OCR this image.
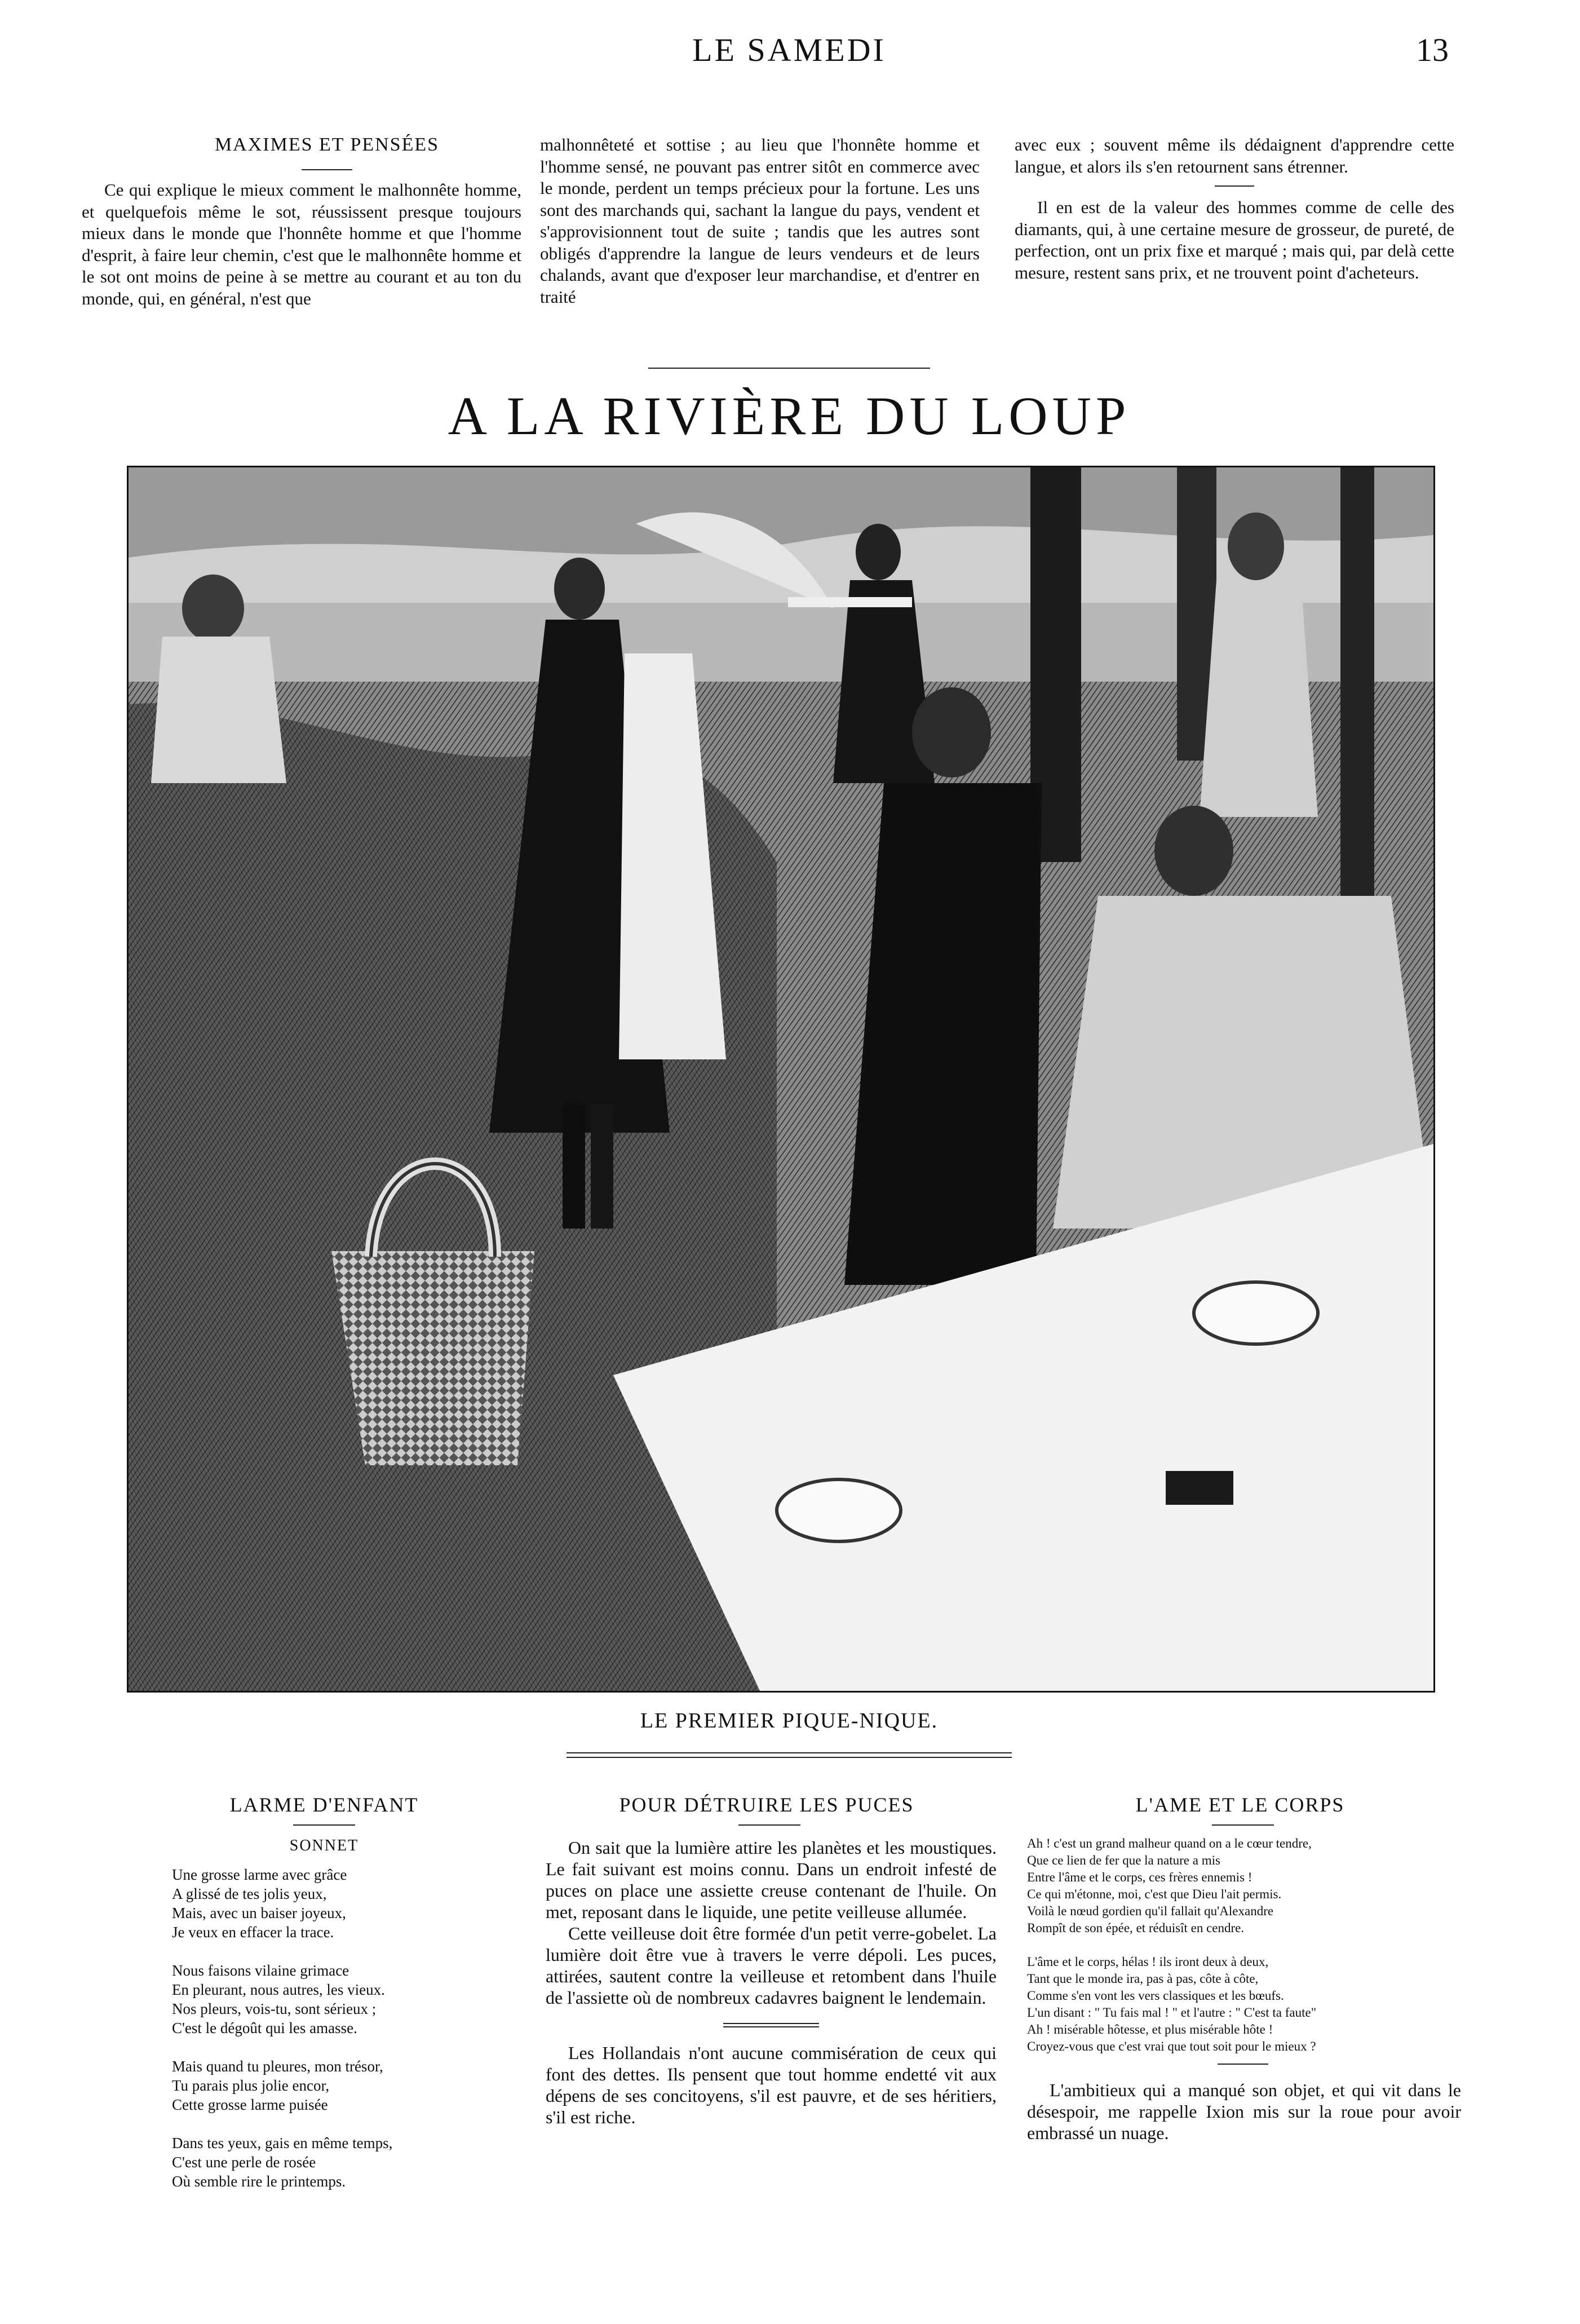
LE SAMEDI	13
MAXIMES ET PENSÉES

Ce qui explique le mieux comment le malhonnête homme, et quelquefois même le sot, réussissent presque toujours mieux dans le monde que l'honnête homme et que l'homme d'esprit, à faire leur chemin, c'est que le malhonnête homme et le sot ont moins de peine à se mettre au courant et au ton du monde, qui, en général, n'est que

malhonnêteté et sottise ; au lieu que l'honnête homme et l'homme sensé, ne pouvant pas entrer sitôt en commerce avec le monde, perdent un temps précieux pour la fortune. Les uns sont des marchands qui, sachant la langue du pays, vendent et s'approvisionnent tout de suite ; tandis que les autres sont obligés d'apprendre la langue de leurs vendeurs et de leurs chalands, avant que d'exposer leur marchandise, et d'entrer en traité

avec eux ; souvent même ils dédaignent d'apprendre cette langue, et alors ils s'en retournent sans étrenner.

Il en est de la valeur des hommes comme de celle des diamants, qui, à une certaine mesure de grosseur, de pureté, de perfection, ont un prix fixe et marqué ; mais qui, par delà cette mesure, restent sans prix, et ne trouvent point d'acheteurs.

A LA RIVIÈRE DU LOUP
LE PREMIER PIQUE-NIQUE.
LARME D'ENFANT
SONNET
Une grosse larme avec grâce
A glissé de tes jolis yeux,
Mais, avec un baiser joyeux,
Je veux en effacer la trace.
Nous faisons vilaine grimace
En pleurant, nous autres, les vieux.
Nos pleurs, vois-tu, sont sérieux ;
C'est le dégoût qui les amasse.
Mais quand tu pleures, mon trésor,
Tu parais plus jolie encor,
Cette grosse larme puisée
Dans tes yeux, gais en même temps,
C'est une perle de rosée
Où semble rire le printemps.
POUR DÉTRUIRE LES PUCES

On sait que la lumière attire les planètes et les moustiques. Le fait suivant est moins connu. Dans un endroit infesté de puces on place une assiette creuse contenant de l'huile. On met, reposant dans le liquide, une petite veilleuse allumée.

Cette veilleuse doit être formée d'un petit verre-gobelet. La lumière doit être vue à travers le verre dépoli. Les puces, attirées, sautent contre la veilleuse et retombent dans l'huile de l'assiette où de nombreux cadavres baignent le lendemain.

Les Hollandais n'ont aucune commisération de ceux qui font des dettes. Ils pensent que tout homme endetté vit aux dépens de ses concitoyens, s'il est pauvre, et de ses héritiers, s'il est riche.

L'AME ET LE CORPS
Ah ! c'est un grand malheur quand on a le cœur tendre,
Que ce lien de fer que la nature a mis
Entre l'âme et le corps, ces frères ennemis !
Ce qui m'étonne, moi, c'est que Dieu l'ait permis.
Voilà le nœud gordien qu'il fallait qu'Alexandre
Rompît de son épée, et réduisît en cendre.
L'âme et le corps, hélas ! ils iront deux à deux,
Tant que le monde ira, pas à pas, côte à côte,
Comme s'en vont les vers classiques et les bœufs.
L'un disant : " Tu fais mal ! " et l'autre : " C'est ta faute"
Ah ! misérable hôtesse, et plus misérable hôte !
Croyez-vous que c'est vrai que tout soit pour le mieux ?

L'ambitieux qui a manqué son objet, et qui vit dans le désespoir, me rappelle Ixion mis sur la roue pour avoir embrassé un nuage.
